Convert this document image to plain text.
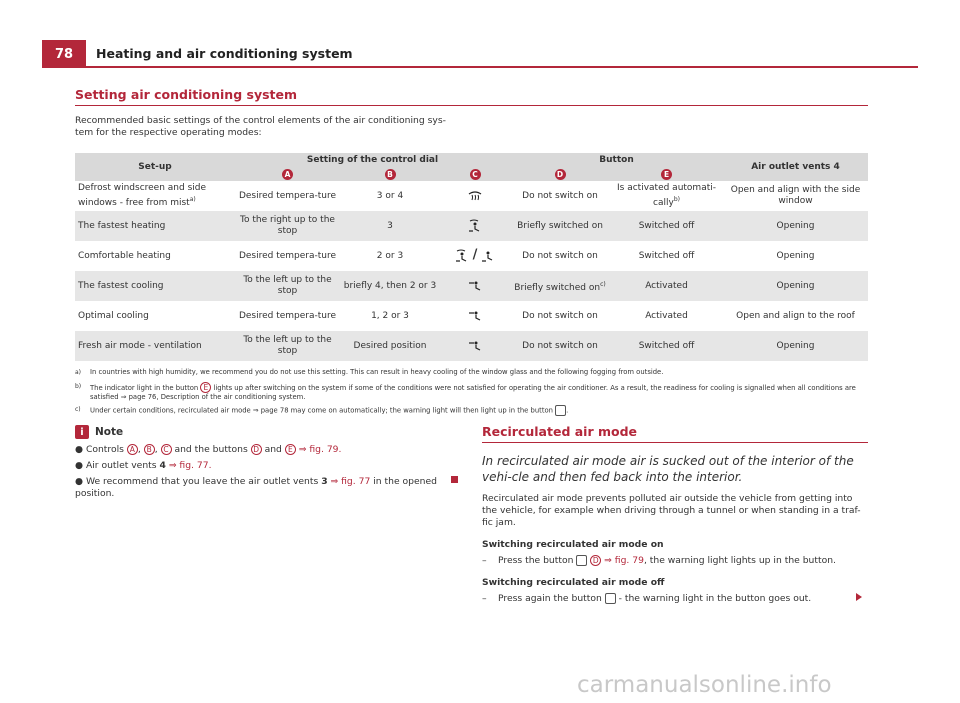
78	Heating and air conditioning system
Setting air conditioning system
Recommended basic settings of the control elements of the air conditioning sys-
tem for the respective operating modes:
Set-up	Setting of the control dial			Button		Air outlet vents 4
	A	B	C	D	E	
Defrost windscreen and side windows - free from mist$^{a)}$	Desired tempera-ture	3 or 4		Do not switch on	Is activated automati-cally$^{b)}$	Open and align with the side window
The fastest heating	To the right up to the stop	3		Briefly switched on	Switched off	Opening
Comfortable heating	Desired tempera-ture	2 or 3	/	Do not switch on	Switched off	Opening
The fastest cooling	To the left up to the stop	briefly 4, then 2 or 3		Briefly switched $on^{c)}$	Activated	Opening
Optimal cooling	Desired tempera-ture	1, 2 or 3		Do not switch on	Activated	Open and align to the roof
Fresh air mode - ventilation	To the left up to the stop	Desired position		Do not switch on	Switched off	Opening
a) In countries with high humidity, we recommend you do not use this setting. This can result in heavy cooling of the window glass and the following fogging from outside.
b) The indicator light in the button E lights up after switching on the system if some of the conditions were not satisfied for operating the air conditioner. As a result, the readiness for cooling is signalled when all conditions are satisfied ⇒ page 76, Description of the air conditioning system.
c) Under certain conditions, recirculated air mode ⇒ page 78 may come on automatically; the warning light will then light up in the button .
i	Note
● Controls A , B , C and the buttons D and E ⇒ fig. 79.
● Air outlet vents 4 ⇒ fig. 77.
● We recommend that you leave the air outlet vents 3 ⇒ fig. 77 in the opened position.
Recirculated air mode
In recirculated air mode air is sucked out of the interior of the vehi-cle and then fed back into the interior.
Recirculated air mode prevents polluted air outside the vehicle from getting into the vehicle, for example when driving through a tunnel or when standing in a traf-fic jam.
Switching recirculated air mode on
– Press the button	D ⇒ fig. 79, the warning light lights up in the button.
Switching recirculated air mode off
– Press again the button - the warning light in the button goes out.
carmanualsonline.info
